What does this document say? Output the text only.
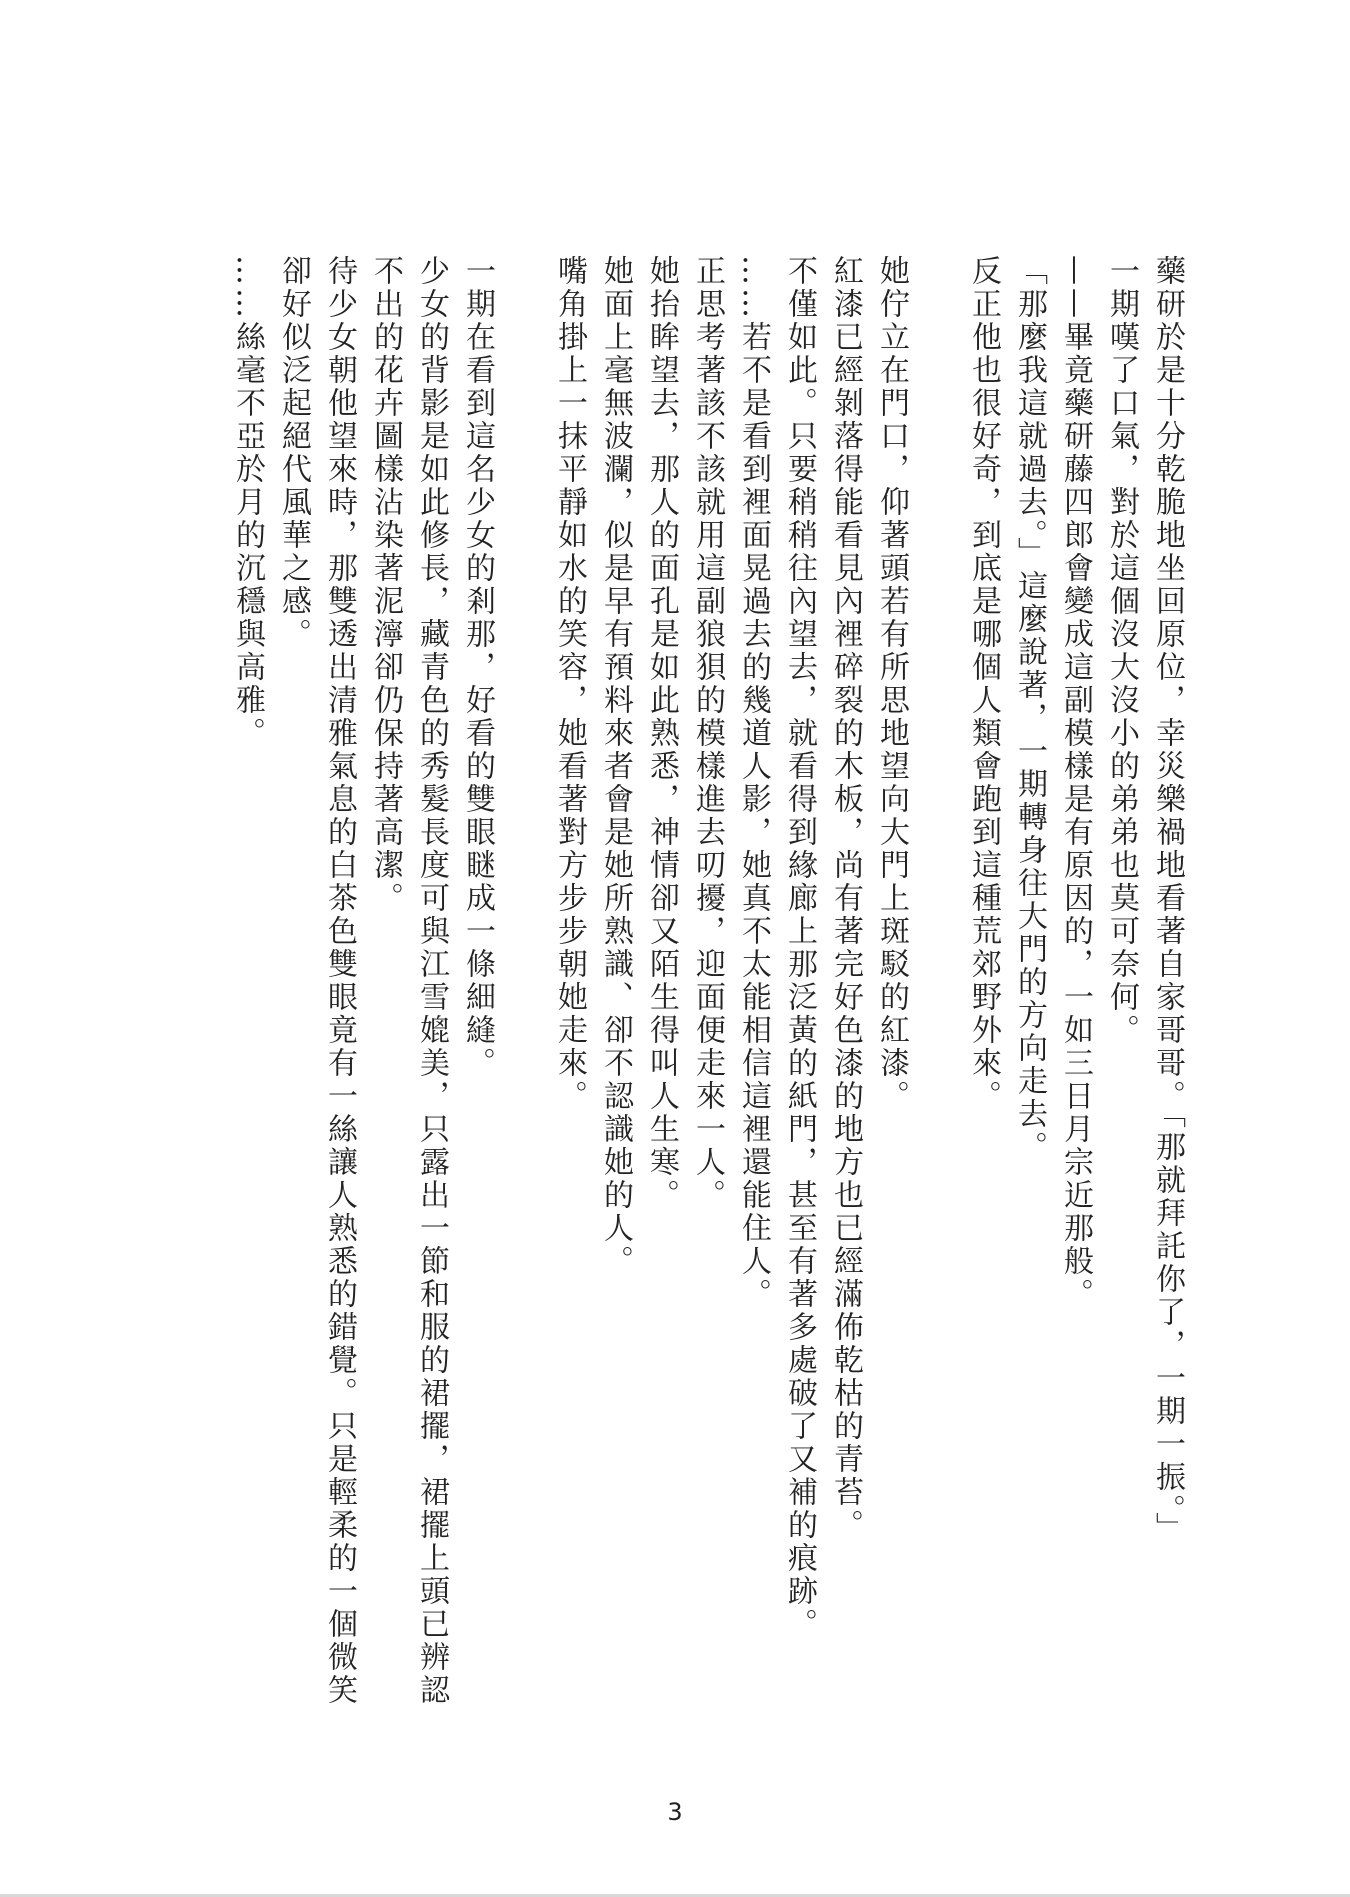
藥研於是十分乾脆地坐回原位，幸災樂禍地看著自家哥哥。「那就拜託你了，一期一振。」

一期嘆了口氣，對於這個沒大沒小的弟弟也莫可奈何。

——畢竟藥研藤四郎會變成這副模樣是有原因的，一如三日月宗近那般。

「那麼我這就過去。」這麼說著，一期轉身往大門的方向走去。

反正他也很好奇，到底是哪個人類會跑到這種荒郊野外來。

她佇立在門口，仰著頭若有所思地望向大門上斑駁的紅漆。

紅漆已經剝落得能看見內裡碎裂的木板，尚有著完好色漆的地方也已經滿佈乾枯的青苔。

不僅如此。只要稍稍往內望去，就看得到緣廊上那泛黃的紙門，甚至有著多處破了又補的痕跡。

……若不是看到裡面晃過去的幾道人影，她真不太能相信這裡還能住人。

正思考著該不該就用這副狼狽的模樣進去叨擾，迎面便走來一人。

她抬眸望去，那人的面孔是如此熟悉，神情卻又陌生得叫人生寒。

她面上毫無波瀾，似是早有預料來者會是她所熟識、卻不認識她的人。

嘴角掛上一抹平靜如水的笑容，她看著對方步步朝她走來。

一期在看到這名少女的剎那，好看的雙眼瞇成一條細縫。

少女的背影是如此修長，藏青色的秀髮長度可與江雪媲美，只露出一節和服的裙擺，裙擺上頭已辨認不出的花卉圖樣沾染著泥濘卻仍保持著高潔。

待少女朝他望來時，那雙透出清雅氣息的白茶色雙眼竟有一絲讓人熟悉的錯覺。只是輕柔的一個微笑卻好似泛起絕代風華之感。

……絲毫不亞於月的沉穩與高雅。

3
